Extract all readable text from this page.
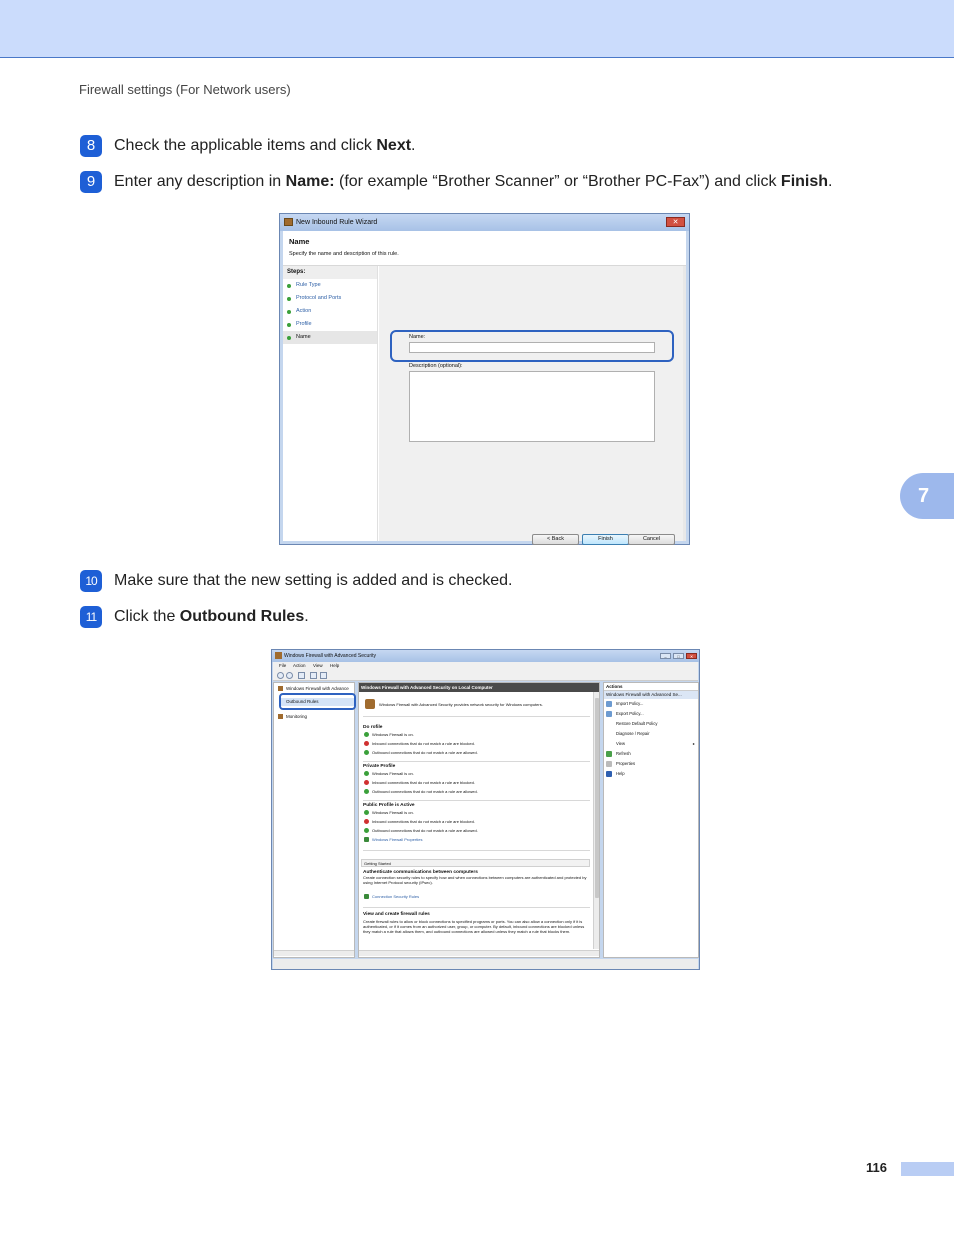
Firewall settings (For Network users)
7
8 Check the applicable items and click Next.
9 Enter any description in Name: (for example “Brother Scanner” or “Brother PC-Fax”) and click Finish.
New Inbound Rule Wizard	✕
Name
Specify the name and description of this rule.
Steps:
Rule Type
Protocol and Ports
Action
Profile
Name	Name:
Description (optional):
< Back	Finish	Cancel
10 Make sure that the new setting is added and is checked.
11 Click the Outbound Rules.
Windows Firewall with Advanced Security	–	□	✕
File Action View Help
Windows Firewall with Advance
Outbound Rules
Monitoring
Windows Firewall with Advanced Security on Local Computer
Windows Firewall with Advanced Security provides network security for Windows computers.
Do rofile
Windows Firewall is on.
Inbound connections that do not match a rule are blocked.
Outbound connections that do not match a rule are allowed.
Private Profile
Windows Firewall is on.
Inbound connections that do not match a rule are blocked.
Outbound connections that do not match a rule are allowed.
Public Profile is Active
Windows Firewall is on.
Inbound connections that do not match a rule are blocked.
Outbound connections that do not match a rule are allowed.
Windows Firewall Properties
Getting Started
Authenticate communications between computers
Create connection security rules to specify how and when connections between computers are authenticated and protected by using Internet Protocol security (IPsec).
Connection Security Rules
View and create firewall rules
Create firewall rules to allow or block connections to specified programs or ports. You can also allow a connection only if it is authenticated, or if it comes from an authorized user, group, or computer. By default, inbound connections are blocked unless they match a rule that allows them, and outbound connections are allowed unless they match a rule that blocks them.
Actions
Windows Firewall with Advanced Se...
Import Policy...
Export Policy...
Restore Default Policy
Diagnose / Repair
View	▸
Refresh
Properties
Help
116
